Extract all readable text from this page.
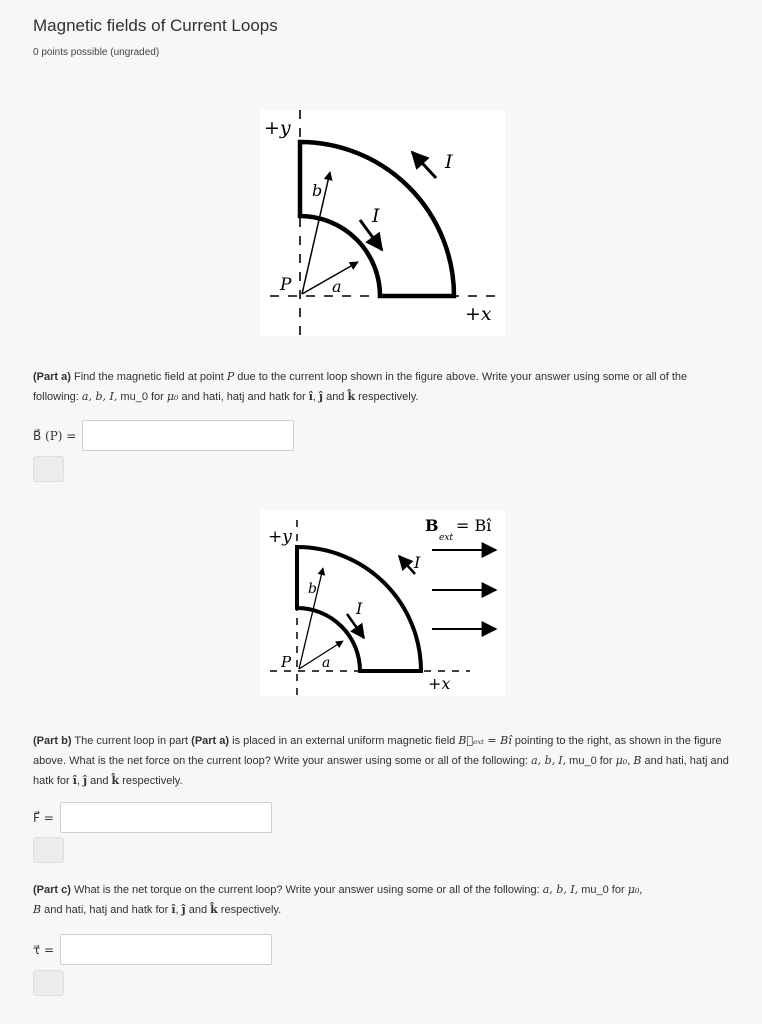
Magnetic fields of Current Loops
0 points possible (ungraded)
+y
+x
P
b
a
I
I
(Part a) Find the magnetic field at point P due to the current loop shown in the figure above. Write your answer using some or all of the following: a, b, I, mu_0 for μ₀ and hati, hatj and hatk for î, ĵ and k̂ respectively.
B⃗ (P) =
+y
+x
P
b
a
I
I
B
ext
= Bî
(Part b) The current loop in part (Part a) is placed in an external uniform magnetic field B⃗ₑₓₜ = Bî pointing to the right, as shown in the figure above. What is the net force on the current loop? Write your answer using some or all of the following: a, b, I, mu_0 for μ₀, B and hati, hatj and hatk for î, ĵ and k̂ respectively.
F⃗ =
(Part c) What is the net torque on the current loop? Write your answer using some or all of the following: a, b, I, mu_0 for μ₀,
B and hati, hatj and hatk for î, ĵ and k̂ respectively.
τ⃗ =
